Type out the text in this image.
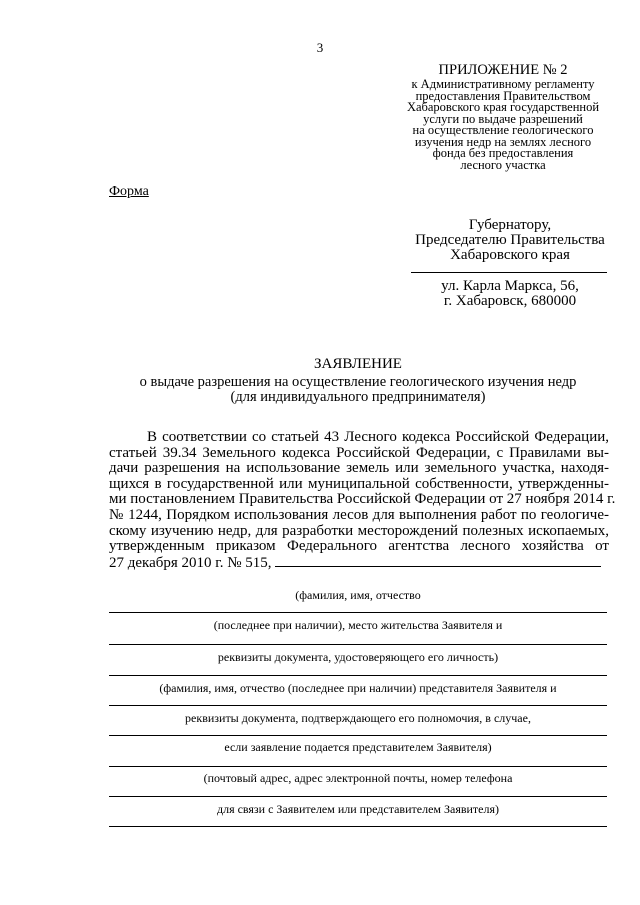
3
ПРИЛОЖЕНИЕ № 2
к Административному регламенту
предоставления Правительством
Хабаровского края государственной
услуги по выдаче разрешений
на осуществление геологического
изучения недр на землях лесного
фонда без предоставления
лесного участка
Форма
Губернатору,
Председателю Правительства
Хабаровского края
ул. Карла Маркса, 56,
г. Хабаровск, 680000
ЗАЯВЛЕНИЕ
о выдаче разрешения на осуществление геологического изучения недр
(для индивидуального предпринимателя)
В соответствии со статьей 43 Лесного кодекса Российской Федерации,
статьей 39.34 Земельного кодекса Российской Федерации, с Правилами вы-
дачи разрешения на использование земель или земельного участка, находя-
щихся в государственной или муниципальной собственности, утвержденны-
ми постановлением Правительства Российской Федерации от 27 ноября 2014 г.
№ 1244, Порядком использования лесов для выполнения работ по геологиче-
скому изучению недр, для разработки месторождений полезных ископаемых,
утвержденным приказом Федерального агентства лесного хозяйства от
27 декабря 2010 г. № 515,
(фамилия, имя, отчество
(последнее при наличии), место жительства Заявителя и
реквизиты документа, удостоверяющего его личность)
(фамилия, имя, отчество (последнее при наличии) представителя Заявителя и
реквизиты документа, подтверждающего его полномочия, в случае,
если заявление подается представителем Заявителя)
(почтовый адрес, адрес электронной почты, номер телефона
для связи с Заявителем или представителем Заявителя)
